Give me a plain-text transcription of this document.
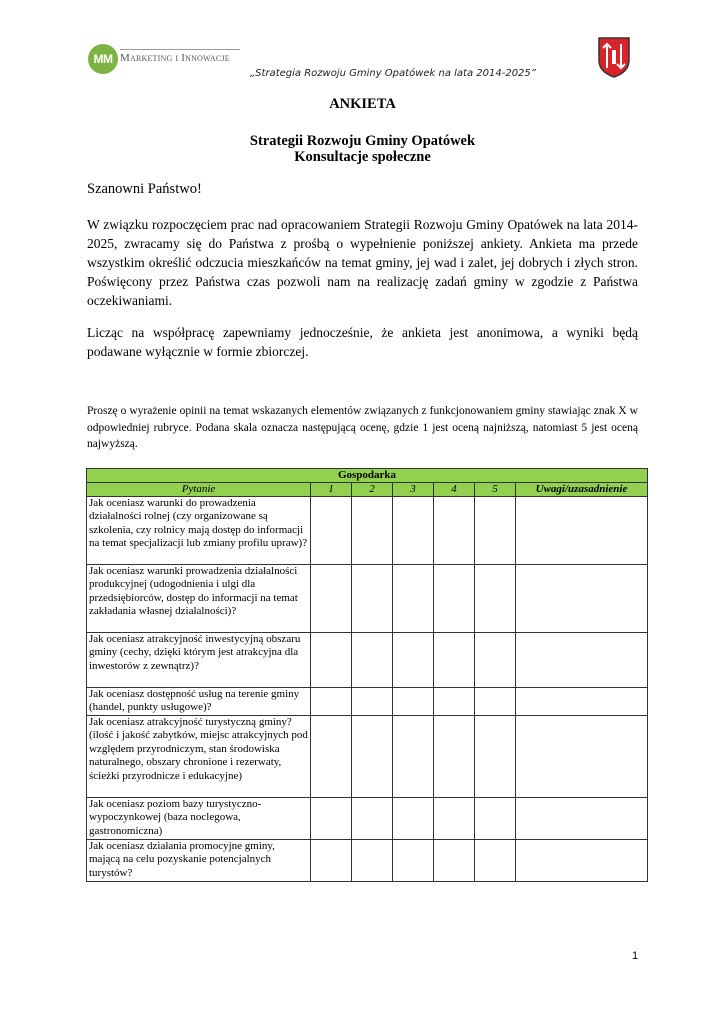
MM Marketing i Innowacje
„Strategia Rozwoju Gminy Opatówek na lata 2014-2025”
ANKIETA
Strategii Rozwoju Gminy Opatówek
Konsultacje społeczne
Szanowni Państwo!
W związku rozpoczęciem prac nad opracowaniem Strategii Rozwoju Gminy Opatówek na lata 2014-2025, zwracamy się do Państwa z prośbą o wypełnienie poniższej ankiety. Ankieta ma przede wszystkim określić odczucia mieszkańców na temat gminy, jej wad i zalet, jej dobrych i złych stron. Poświęcony przez Państwa czas pozwoli nam na realizację zadań gminy w zgodzie z Państwa oczekiwaniami.
Licząc na współpracę zapewniamy jednocześnie, że ankieta jest anonimowa, a wyniki będą podawane wyłącznie w formie zbiorczej.
Proszę o wyrażenie opinii na temat wskazanych elementów związanych z funkcjonowaniem gminy stawiając znak X w odpowiedniej rubryce. Podana skala oznacza następującą ocenę, gdzie 1 jest oceną najniższą, natomiast 5 jest oceną najwyższą.
Gospodarka						
Pytanie	1	2	3	4	5	Uwagi/uzasadnienie
Jak oceniasz warunki do prowadzenia działalności rolnej (czy organizowane są szkolenia, czy rolnicy mają dostęp do informacji na temat specjalizacji lub zmiany profilu upraw)?						
Jak oceniasz warunki prowadzenia działalności produkcyjnej (udogodnienia i ulgi dla przedsiębiorców, dostęp do informacji na temat zakładania własnej działalności)?						
Jak oceniasz atrakcyjność inwestycyjną obszaru gminy (cechy, dzięki którym jest atrakcyjna dla inwestorów z zewnątrz)?						
Jak oceniasz dostępność usług na terenie gminy (handel, punkty usługowe)?						
Jak oceniasz atrakcyjność turystyczną gminy? (ilość i jakość zabytków, miejsc atrakcyjnych pod względem przyrodniczym, stan środowiska naturalnego, obszary chronione i rezerwaty, ścieżki przyrodnicze i edukacyjne)						
Jak oceniasz poziom bazy turystyczno-wypoczynkowej (baza noclegowa, gastronomiczna)						
Jak oceniasz działania promocyjne gminy, mającą na celu pozyskanie potencjalnych turystów?						
1
